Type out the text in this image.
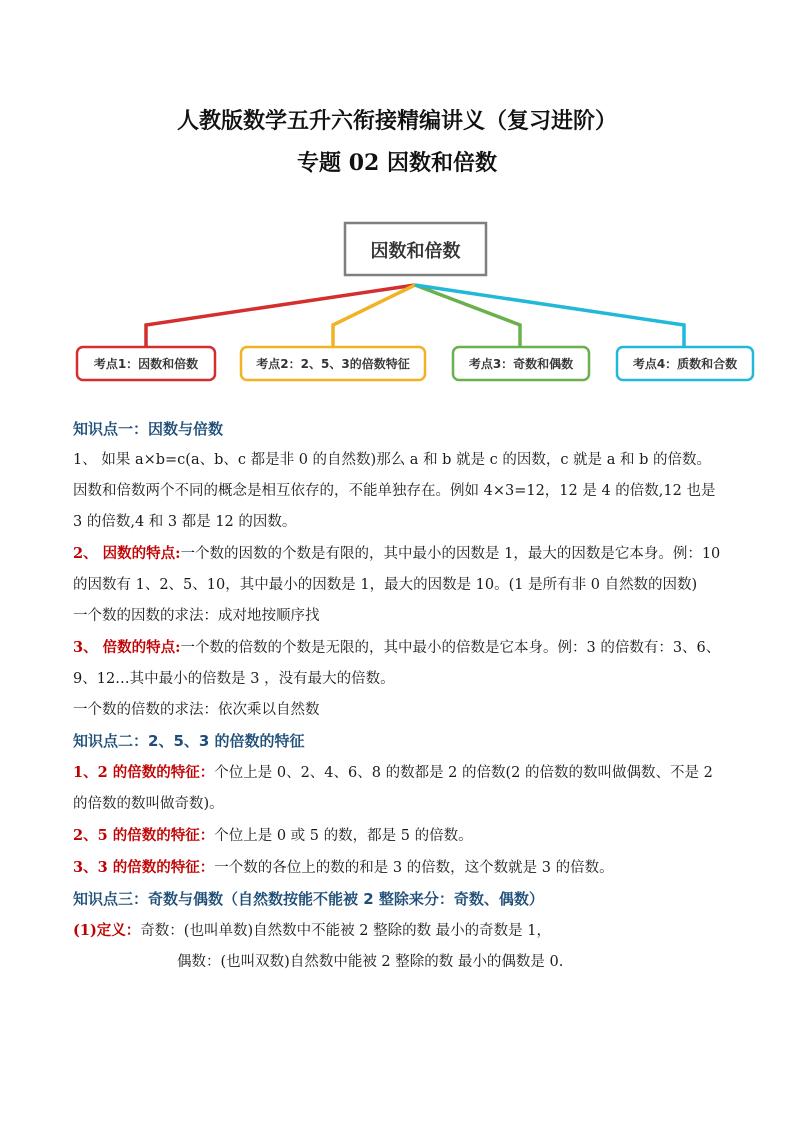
人教版数学五升六衔接精编讲义（复习进阶）
专题 02 因数和倍数
因数和倍数
考点1：因数和倍数	考点2：2、5、3的倍数特征	考点3：奇数和偶数	考点4：质数和合数

知识点一：因数与倍数

1、 如果 a×b=c(a、b、c 都是非 0 的自然数)那么 a 和 b 就是 c 的因数，c 就是 a 和 b 的倍数。因数和倍数两个不同的概念是相互依存的，不能单独存在。例如 4×3=12，12 是 4 的倍数,12 也是 3 的倍数,4 和 3 都是 12 的因数。

2、 因数的特点:一个数的因数的个数是有限的，其中最小的因数是 1，最大的因数是它本身。例：10 的因数有 1、2、5、10，其中最小的因数是 1，最大的因数是 10。(1 是所有非 0 自然数的因数)

一个数的因数的求法：成对地按顺序找

3、 倍数的特点:一个数的倍数的个数是无限的，其中最小的倍数是它本身。例：3 的倍数有：3、6、9、12…其中最小的倍数是 3 ，没有最大的倍数。

一个数的倍数的求法：依次乘以自然数

知识点二：2、5、3 的倍数的特征

1、2 的倍数的特征：个位上是 0、2、4、6、8 的数都是 2 的倍数(2 的倍数的数叫做偶数、不是 2 的倍数的数叫做奇数)。

2、5 的倍数的特征：个位上是 0 或 5 的数，都是 5 的倍数。

3、3 的倍数的特征：一个数的各位上的数的和是 3 的倍数，这个数就是 3 的倍数。

知识点三：奇数与偶数（自然数按能不能被 2 整除来分：奇数、偶数）

(1)定义：奇数：(也叫单数)自然数中不能被 2 整除的数 最小的奇数是 1，

偶数：(也叫双数)自然数中能被 2 整除的数 最小的偶数是 0.
